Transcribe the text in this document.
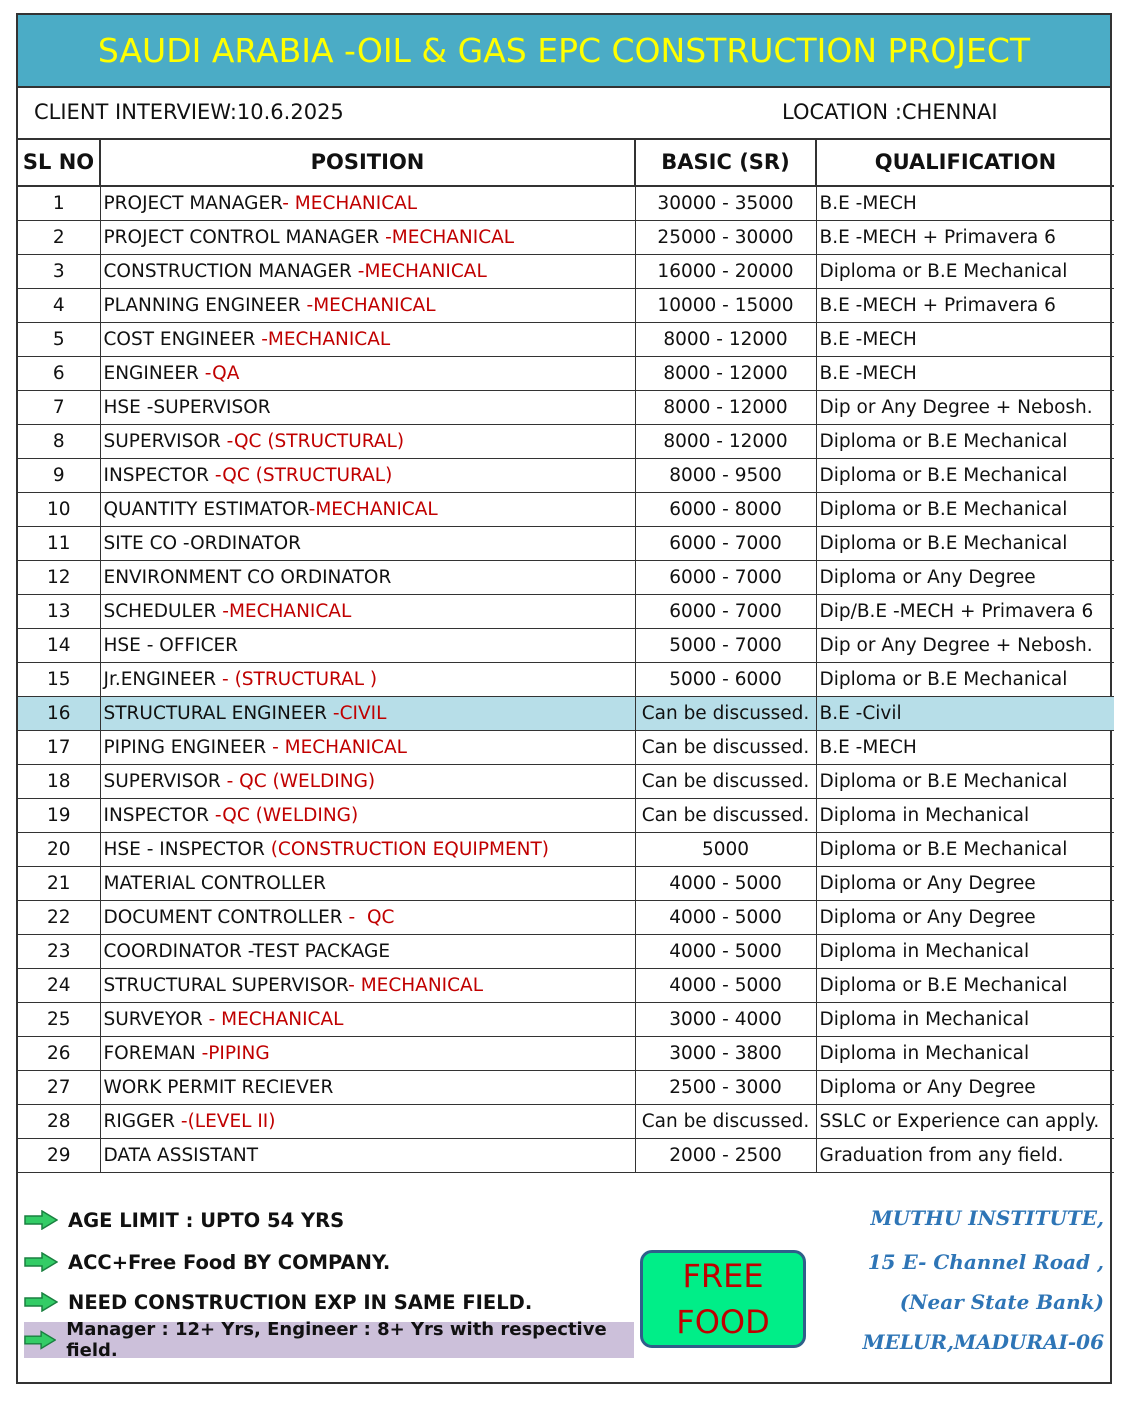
SAUDI ARABIA -OIL & GAS EPC CONSTRUCTION PROJECT
CLIENT INTERVIEW:10.6.2025	LOCATION :CHENNAI
SL NO	POSITION	BASIC (SR)	QUALIFICATION
1	PROJECT MANAGER- MECHANICAL	30000 - 35000	B.E -MECH
2	PROJECT CONTROL MANAGER -MECHANICAL	25000 - 30000	B.E -MECH + Primavera 6
3	CONSTRUCTION MANAGER -MECHANICAL	16000 - 20000	Diploma or B.E Mechanical
4	PLANNING ENGINEER -MECHANICAL	10000 - 15000	B.E -MECH + Primavera 6
5	COST ENGINEER -MECHANICAL	8000 - 12000	B.E -MECH
6	ENGINEER -QA	8000 - 12000	B.E -MECH
7	HSE -SUPERVISOR	8000 - 12000	Dip or Any Degree + Nebosh.
8	SUPERVISOR -QC (STRUCTURAL)	8000 - 12000	Diploma or B.E Mechanical
9	INSPECTOR -QC (STRUCTURAL)	8000 - 9500	Diploma or B.E Mechanical
10	QUANTITY ESTIMATOR-MECHANICAL	6000 - 8000	Diploma or B.E Mechanical
11	SITE CO -ORDINATOR	6000 - 7000	Diploma or B.E Mechanical
12	ENVIRONMENT CO ORDINATOR	6000 - 7000	Diploma or Any Degree
13	SCHEDULER -MECHANICAL	6000 - 7000	Dip/B.E -MECH + Primavera 6
14	HSE - OFFICER	5000 - 7000	Dip or Any Degree + Nebosh.
15	Jr.ENGINEER - (STRUCTURAL )	5000 - 6000	Diploma or B.E Mechanical
16	STRUCTURAL ENGINEER -CIVIL	Can be discussed.	B.E -Civil
17	PIPING ENGINEER - MECHANICAL	Can be discussed.	B.E -MECH
18	SUPERVISOR - QC (WELDING)	Can be discussed.	Diploma or B.E Mechanical
19	INSPECTOR -QC (WELDING)	Can be discussed.	Diploma in Mechanical
20	HSE - INSPECTOR (CONSTRUCTION EQUIPMENT)	5000	Diploma or B.E Mechanical
21	MATERIAL CONTROLLER	4000 - 5000	Diploma or Any Degree
22	DOCUMENT CONTROLLER -  QC	4000 - 5000	Diploma or Any Degree
23	COORDINATOR -TEST PACKAGE	4000 - 5000	Diploma in Mechanical
24	STRUCTURAL SUPERVISOR- MECHANICAL	4000 - 5000	Diploma or B.E Mechanical
25	SURVEYOR - MECHANICAL	3000 - 4000	Diploma in Mechanical
26	FOREMAN -PIPING	3000 - 3800	Diploma in Mechanical
27	WORK PERMIT RECIEVER	2500 - 3000	Diploma or Any Degree
28	RIGGER -(LEVEL II)	Can be discussed.	SSLC or Experience can apply.
29	DATA ASSISTANT	2000 - 2500	Graduation from any field.
AGE LIMIT : UPTO 54 YRS
ACC+Free Food BY COMPANY.
NEED CONSTRUCTION EXP IN SAME FIELD.
Manager : 12+ Yrs, Engineer : 8+ Yrs with respective field.
FREE
FOOD
MUTHU INSTITUTE,
15 E- Channel Road ,
(Near State Bank)
MELUR,MADURAI-06
